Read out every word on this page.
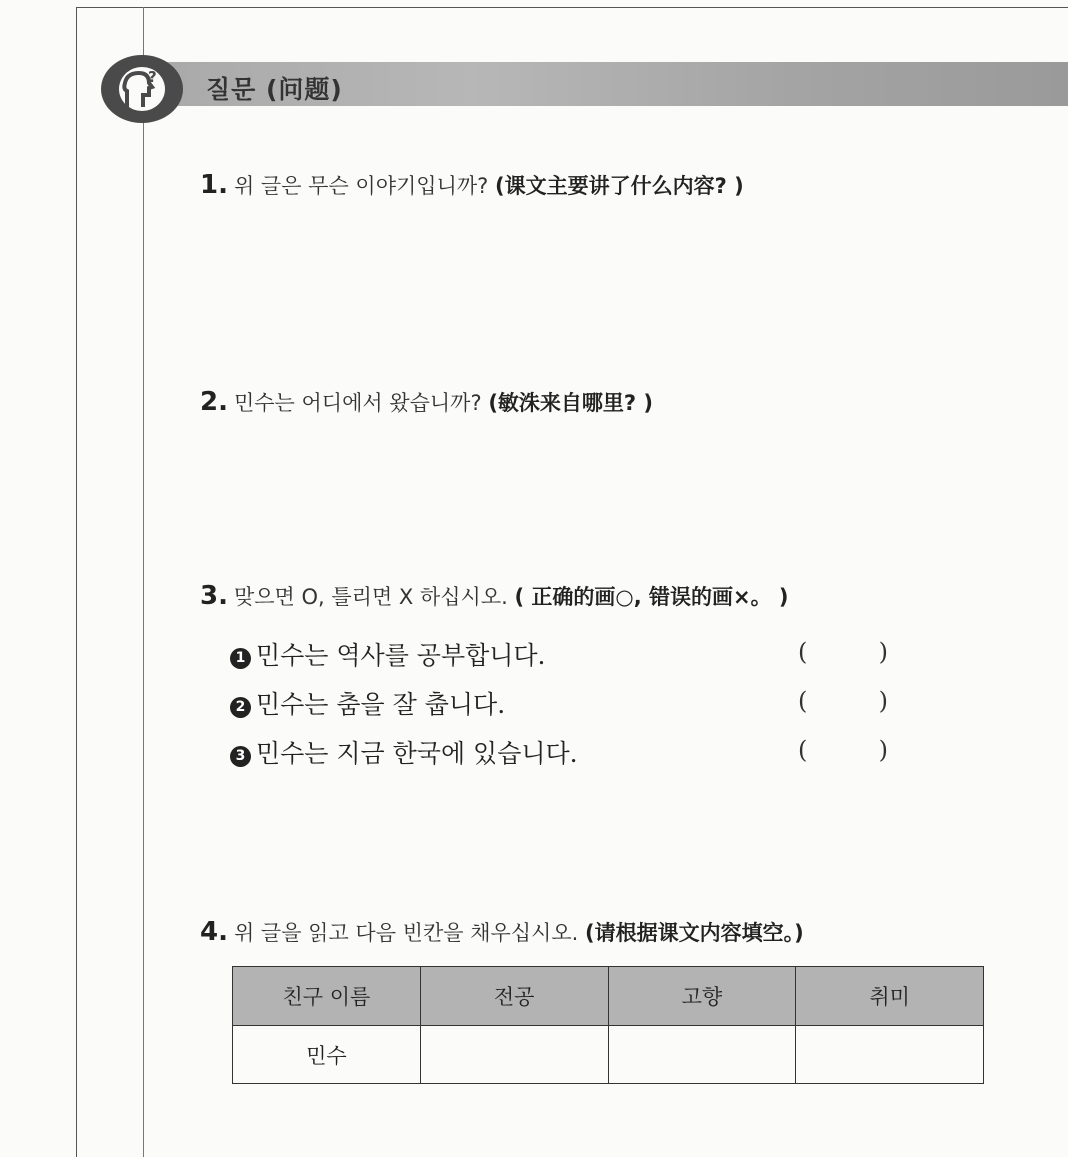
? 질문 (问题)
1. 위 글은 무슨 이야기입니까? (课文主要讲了什么内容? )
2. 민수는 어디에서 왔습니까? (敏洙来自哪里? )
3. 맞으면 O, 틀리면 X 하십시오. ( 正确的画○, 错误的画×。 )
1 민수는 역사를 공부합니다.	(	)
2 민수는 춤을 잘 춥니다.	(	)
3 민수는 지금 한국에 있습니다.	(	)
4. 위 글을 읽고 다음 빈칸을 채우십시오. (请根据课文内容填空。)
친구 이름	전공	고향	취미
민수			
